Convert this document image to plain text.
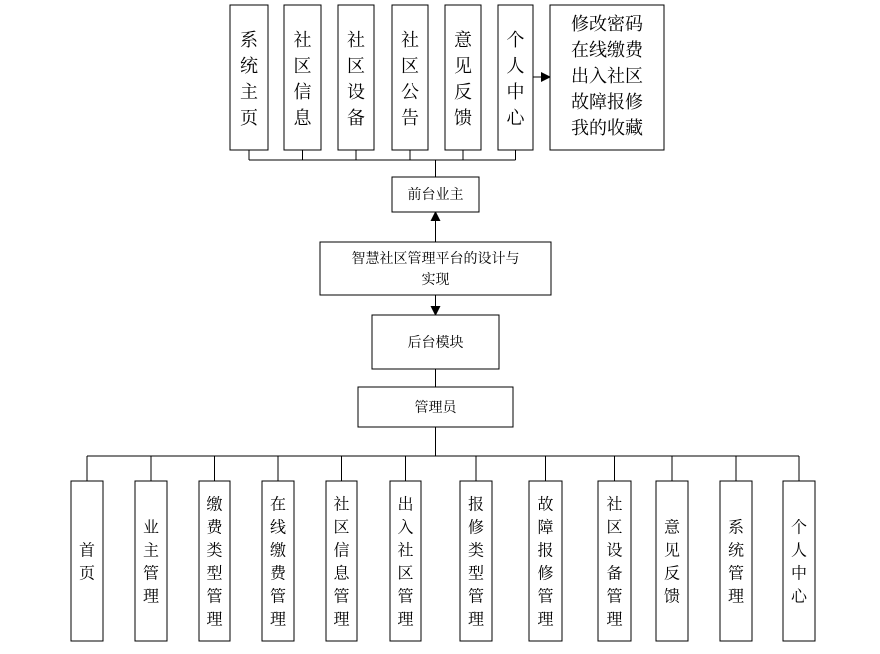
系统主页
社区信息
社区设备
社区公告
意见反馈
个人中心
修改密码
在线缴费
出入社区
故障报修
我的收藏
前台业主
智慧社区管理平台的设计与
实现
后台模块
管理员
首页
业主管理
缴费类型管理
在线缴费管理
社区信息管理
出入社区管理
报修类型管理
故障报修管理
社区设备管理
意见反馈
系统管理
个人中心
